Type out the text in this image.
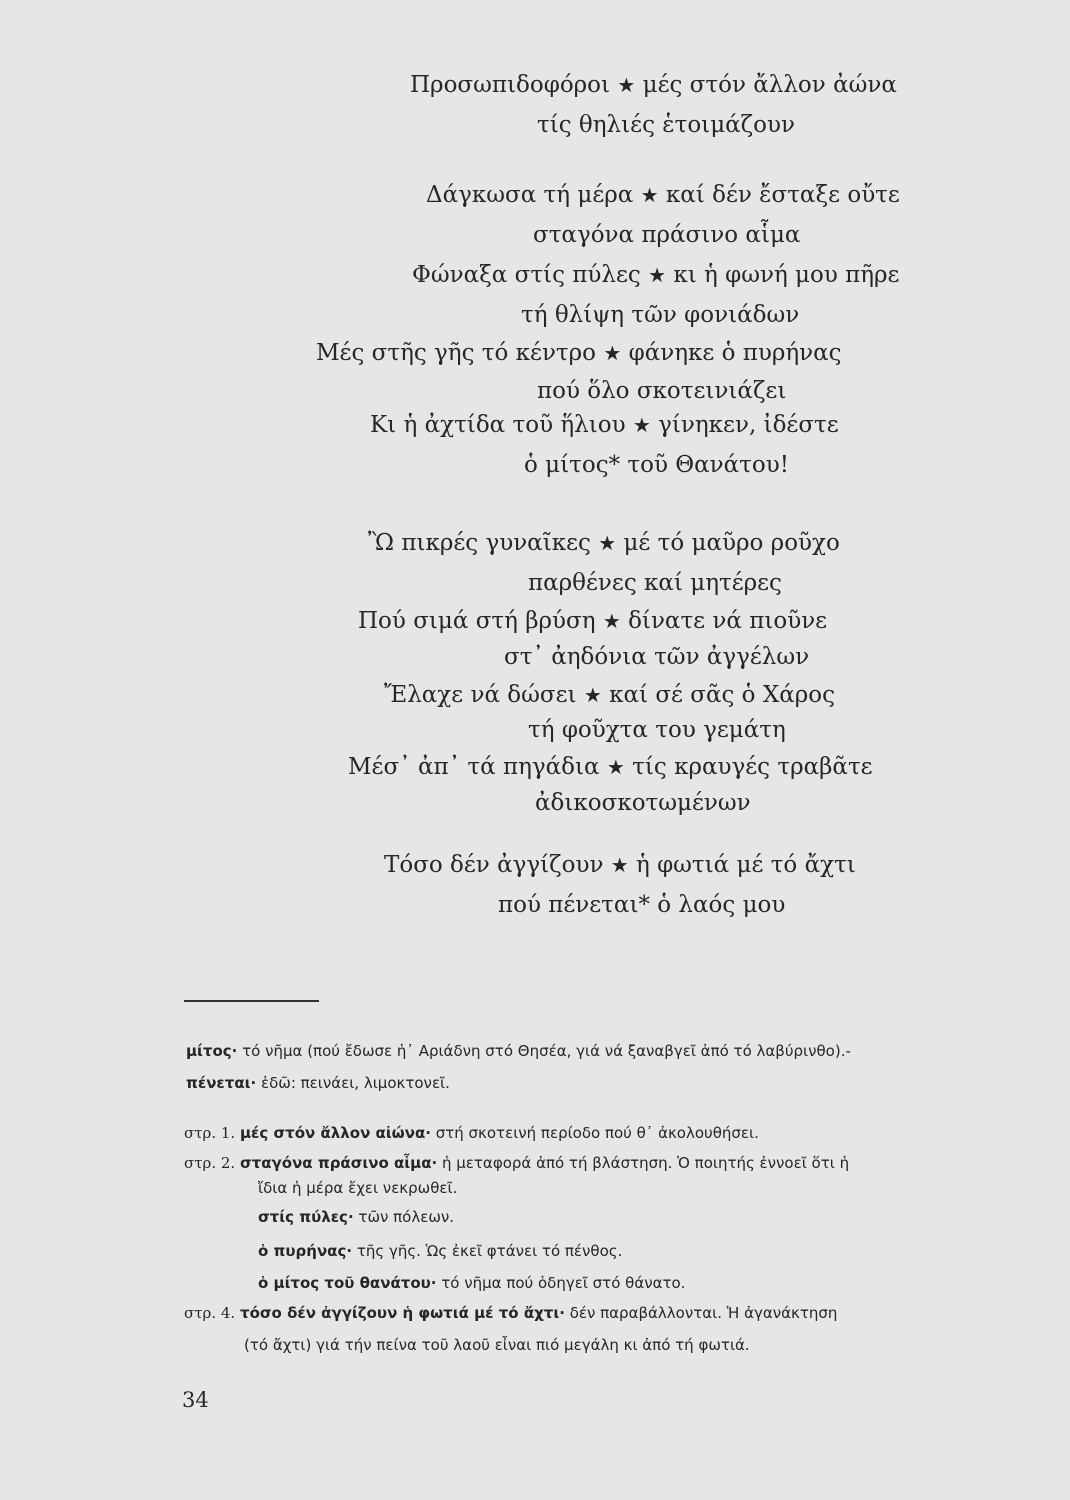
Προσωπιδοφόροι ★ μές στόν ἄλλον ἀώνα
τίς θηλιές ἑτοιμάζουν
Δάγκωσα τή μέρα ★ καί δέν ἔσταξε οὔτε
σταγόνα πράσινο αἷμα
Φώναξα στίς πύλες ★ κι ἡ φωνή μου πῆρε
τή θλίψη τῶν φονιάδων
Μές στῆς γῆς τό κέντρο ★ φάνηκε ὁ πυρήνας
πού ὅλο σκοτεινιάζει
Κι ἡ ἀχτίδα τοῦ ἥλιου ★ γίνηκεν, ἰδέστε
ὁ μίτος* τοῦ Θανάτου!
Ὢ πικρές γυναῖκες ★ μέ τό μαῦρο ροῦχο
παρθένες καί μητέρες
Πού σιμά στή βρύση ★ δίνατε νά πιοῦνε
στ᾽ ἀηδόνια τῶν ἀγγέλων
Ἔλαχε νά δώσει ★ καί σέ σᾶς ὁ Χάρος
τή φοῦχτα του γεμάτη
Μέσ᾽ ἀπ᾽ τά πηγάδια ★ τίς κραυγές τραβᾶτε
ἀδικοσκοτωμένων
Τόσο δέν ἀγγίζουν ★ ἡ φωτιά μέ τό ἄχτι
πού πένεται* ὁ λαός μου
μίτος· τό νῆμα (πού ἔδωσε ἡ᾽ Αριάδνη στό Θησέα, γιά νά ξαναβγεῖ ἀπό τό λαβύρινθο).-
πένεται· ἐδῶ: πεινάει, λιμοκτονεῖ.
στρ. 1. μές στόν ἄλλον αἰώνα· στή σκοτεινή περίοδο πού θ᾽ ἀκολουθήσει.
στρ. 2. σταγόνα πράσινο αἷμα· ἡ μεταφορά ἀπό τή βλάστηση. Ὁ ποιητής ἐννοεῖ ὅτι ἡ
ἴδια ἡ μέρα ἔχει νεκρωθεῖ.
στίς πύλες· τῶν πόλεων.
ὁ πυρήνας· τῆς γῆς. Ὡς ἐκεῖ φτάνει τό πένθος.
ὁ μίτος τοῦ θανάτου· τό νῆμα πού ὁδηγεῖ στό θάνατο.
στρ. 4. τόσο δέν ἀγγίζουν ἡ φωτιά μέ τό ἄχτι· δέν παραβάλλονται. Ἡ ἀγανάκτηση
(τό ἄχτι) γιά τήν πείνα τοῦ λαοῦ εἶναι πιό μεγάλη κι ἀπό τή φωτιά.
34
